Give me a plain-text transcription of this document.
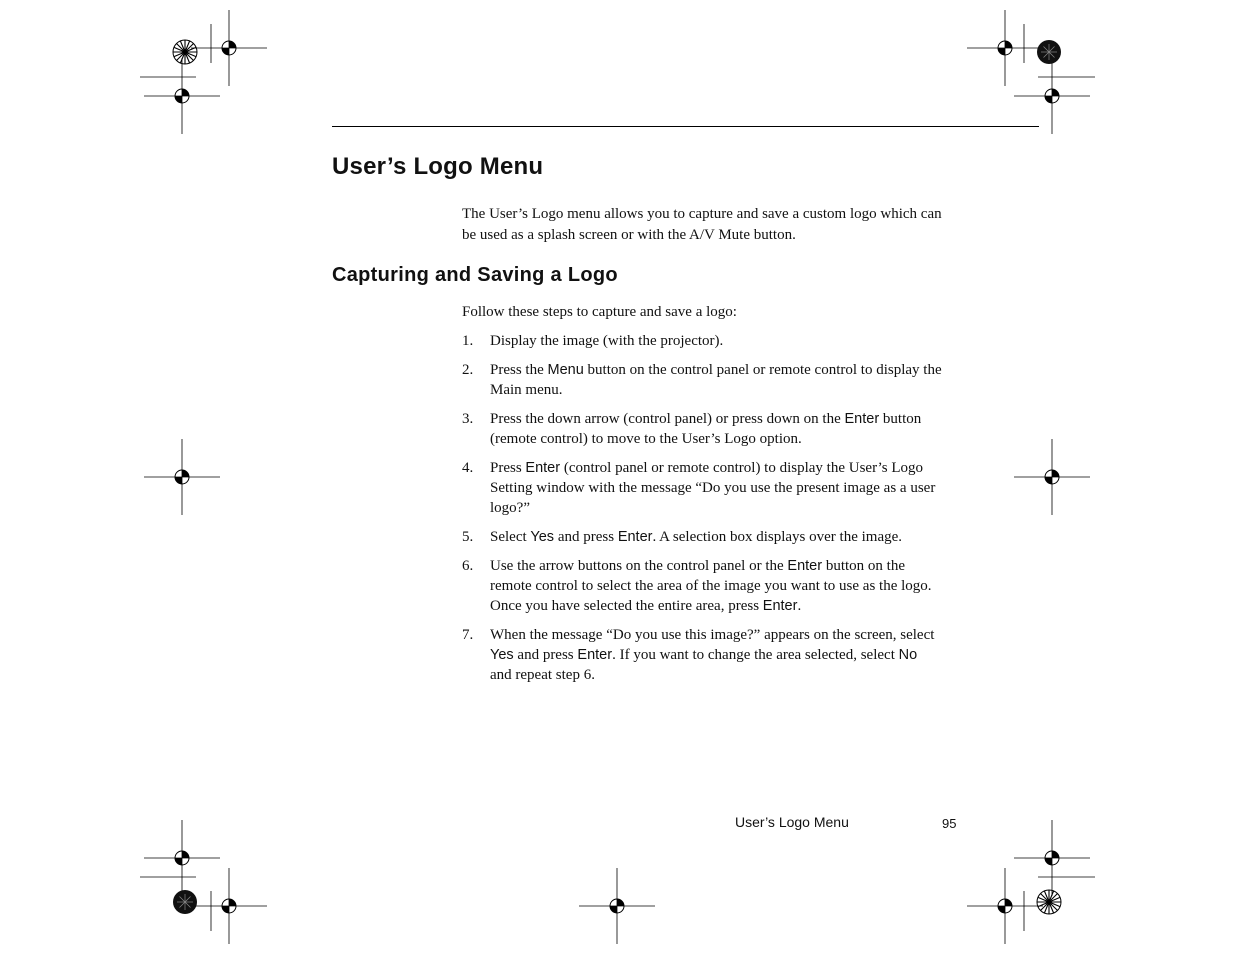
User’s Logo Menu

The User’s Logo menu allows you to capture and save a custom logo which can be used as a splash screen or with the A/V Mute button.

Capturing and Saving a Logo

Follow these steps to capture and save a logo:

1. Display the image (with the projector).
2. Press the Menu button on the control panel or remote control to display the Main menu.
3. Press the down arrow (control panel) or press down on the Enter button (remote control) to move to the User’s Logo option.
4. Press Enter (control panel or remote control) to display the User’s Logo Setting window with the message “Do you use the present image as a user logo?”
5. Select Yes and press Enter. A selection box displays over the image.
6. Use the arrow buttons on the control panel or the Enter button on the remote control to select the area of the image you want to use as the logo. Once you have selected the entire area, press Enter.
7. When the message “Do you use this image?” appears on the screen, select Yes and press Enter. If you want to change the area selected, select No and repeat step 6.
User’s Logo Menu	95
